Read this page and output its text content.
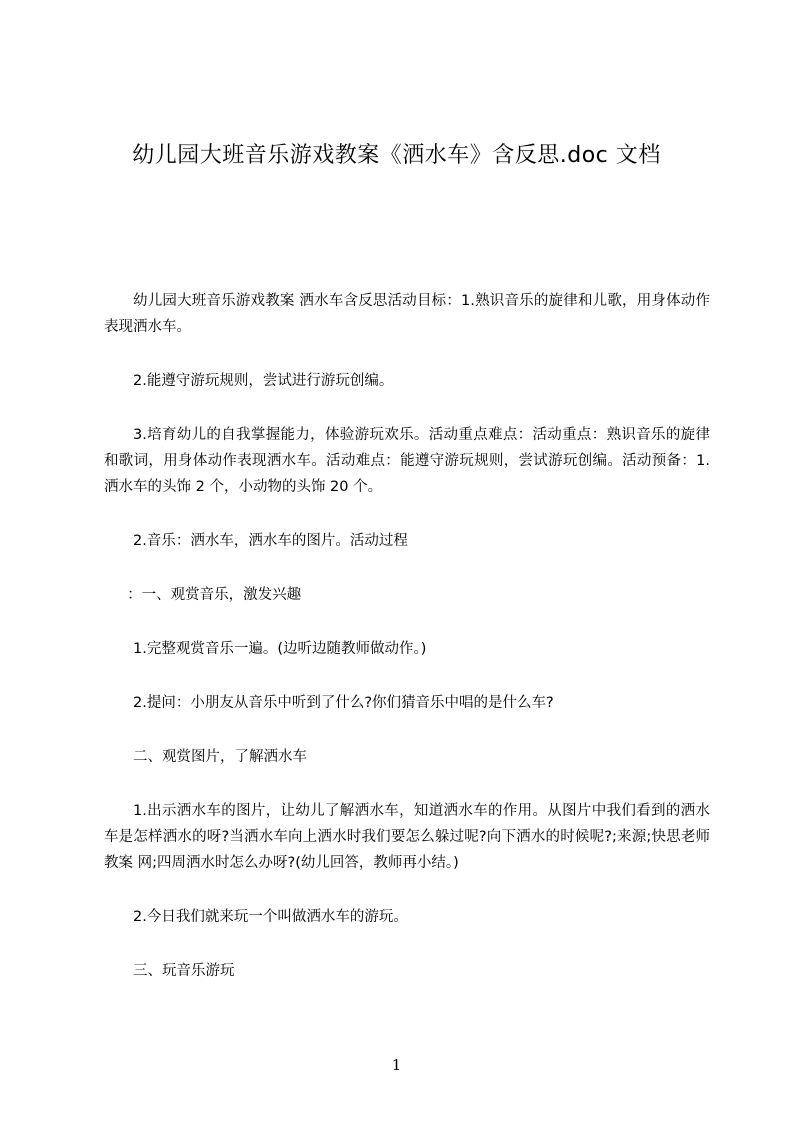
幼儿园大班音乐游戏教案《洒水车》含反思.doc 文档

幼儿园大班音乐游戏教案 洒水车含反思活动目标：1.熟识音乐的旋律和儿歌，用身体动作表现洒水车。

2.能遵守游玩规则，尝试进行游玩创编。

3.培育幼儿的自我掌握能力，体验游玩欢乐。活动重点难点：活动重点：熟识音乐的旋律和歌词，用身体动作表现洒水车。活动难点：能遵守游玩规则，尝试游玩创编。活动预备：1.洒水车的头饰 2 个，小动物的头饰 20 个。

2.音乐：洒水车，洒水车的图片。活动过程

：一、观赏音乐，激发兴趣

1.完整观赏音乐一遍。(边听边随教师做动作。)

2.提问：小朋友从音乐中听到了什么?你们猜音乐中唱的是什么车?

二、观赏图片，了解洒水车

1.出示洒水车的图片，让幼儿了解洒水车，知道洒水车的作用。从图片中我们看到的洒水车是怎样洒水的呀?当洒水车向上洒水时我们要怎么躲过呢?向下洒水的时候呢?;来源;快思老师教案 网;四周洒水时怎么办呀?(幼儿回答，教师再小结。)

2.今日我们就来玩一个叫做洒水车的游玩。

三、玩音乐游玩

1
